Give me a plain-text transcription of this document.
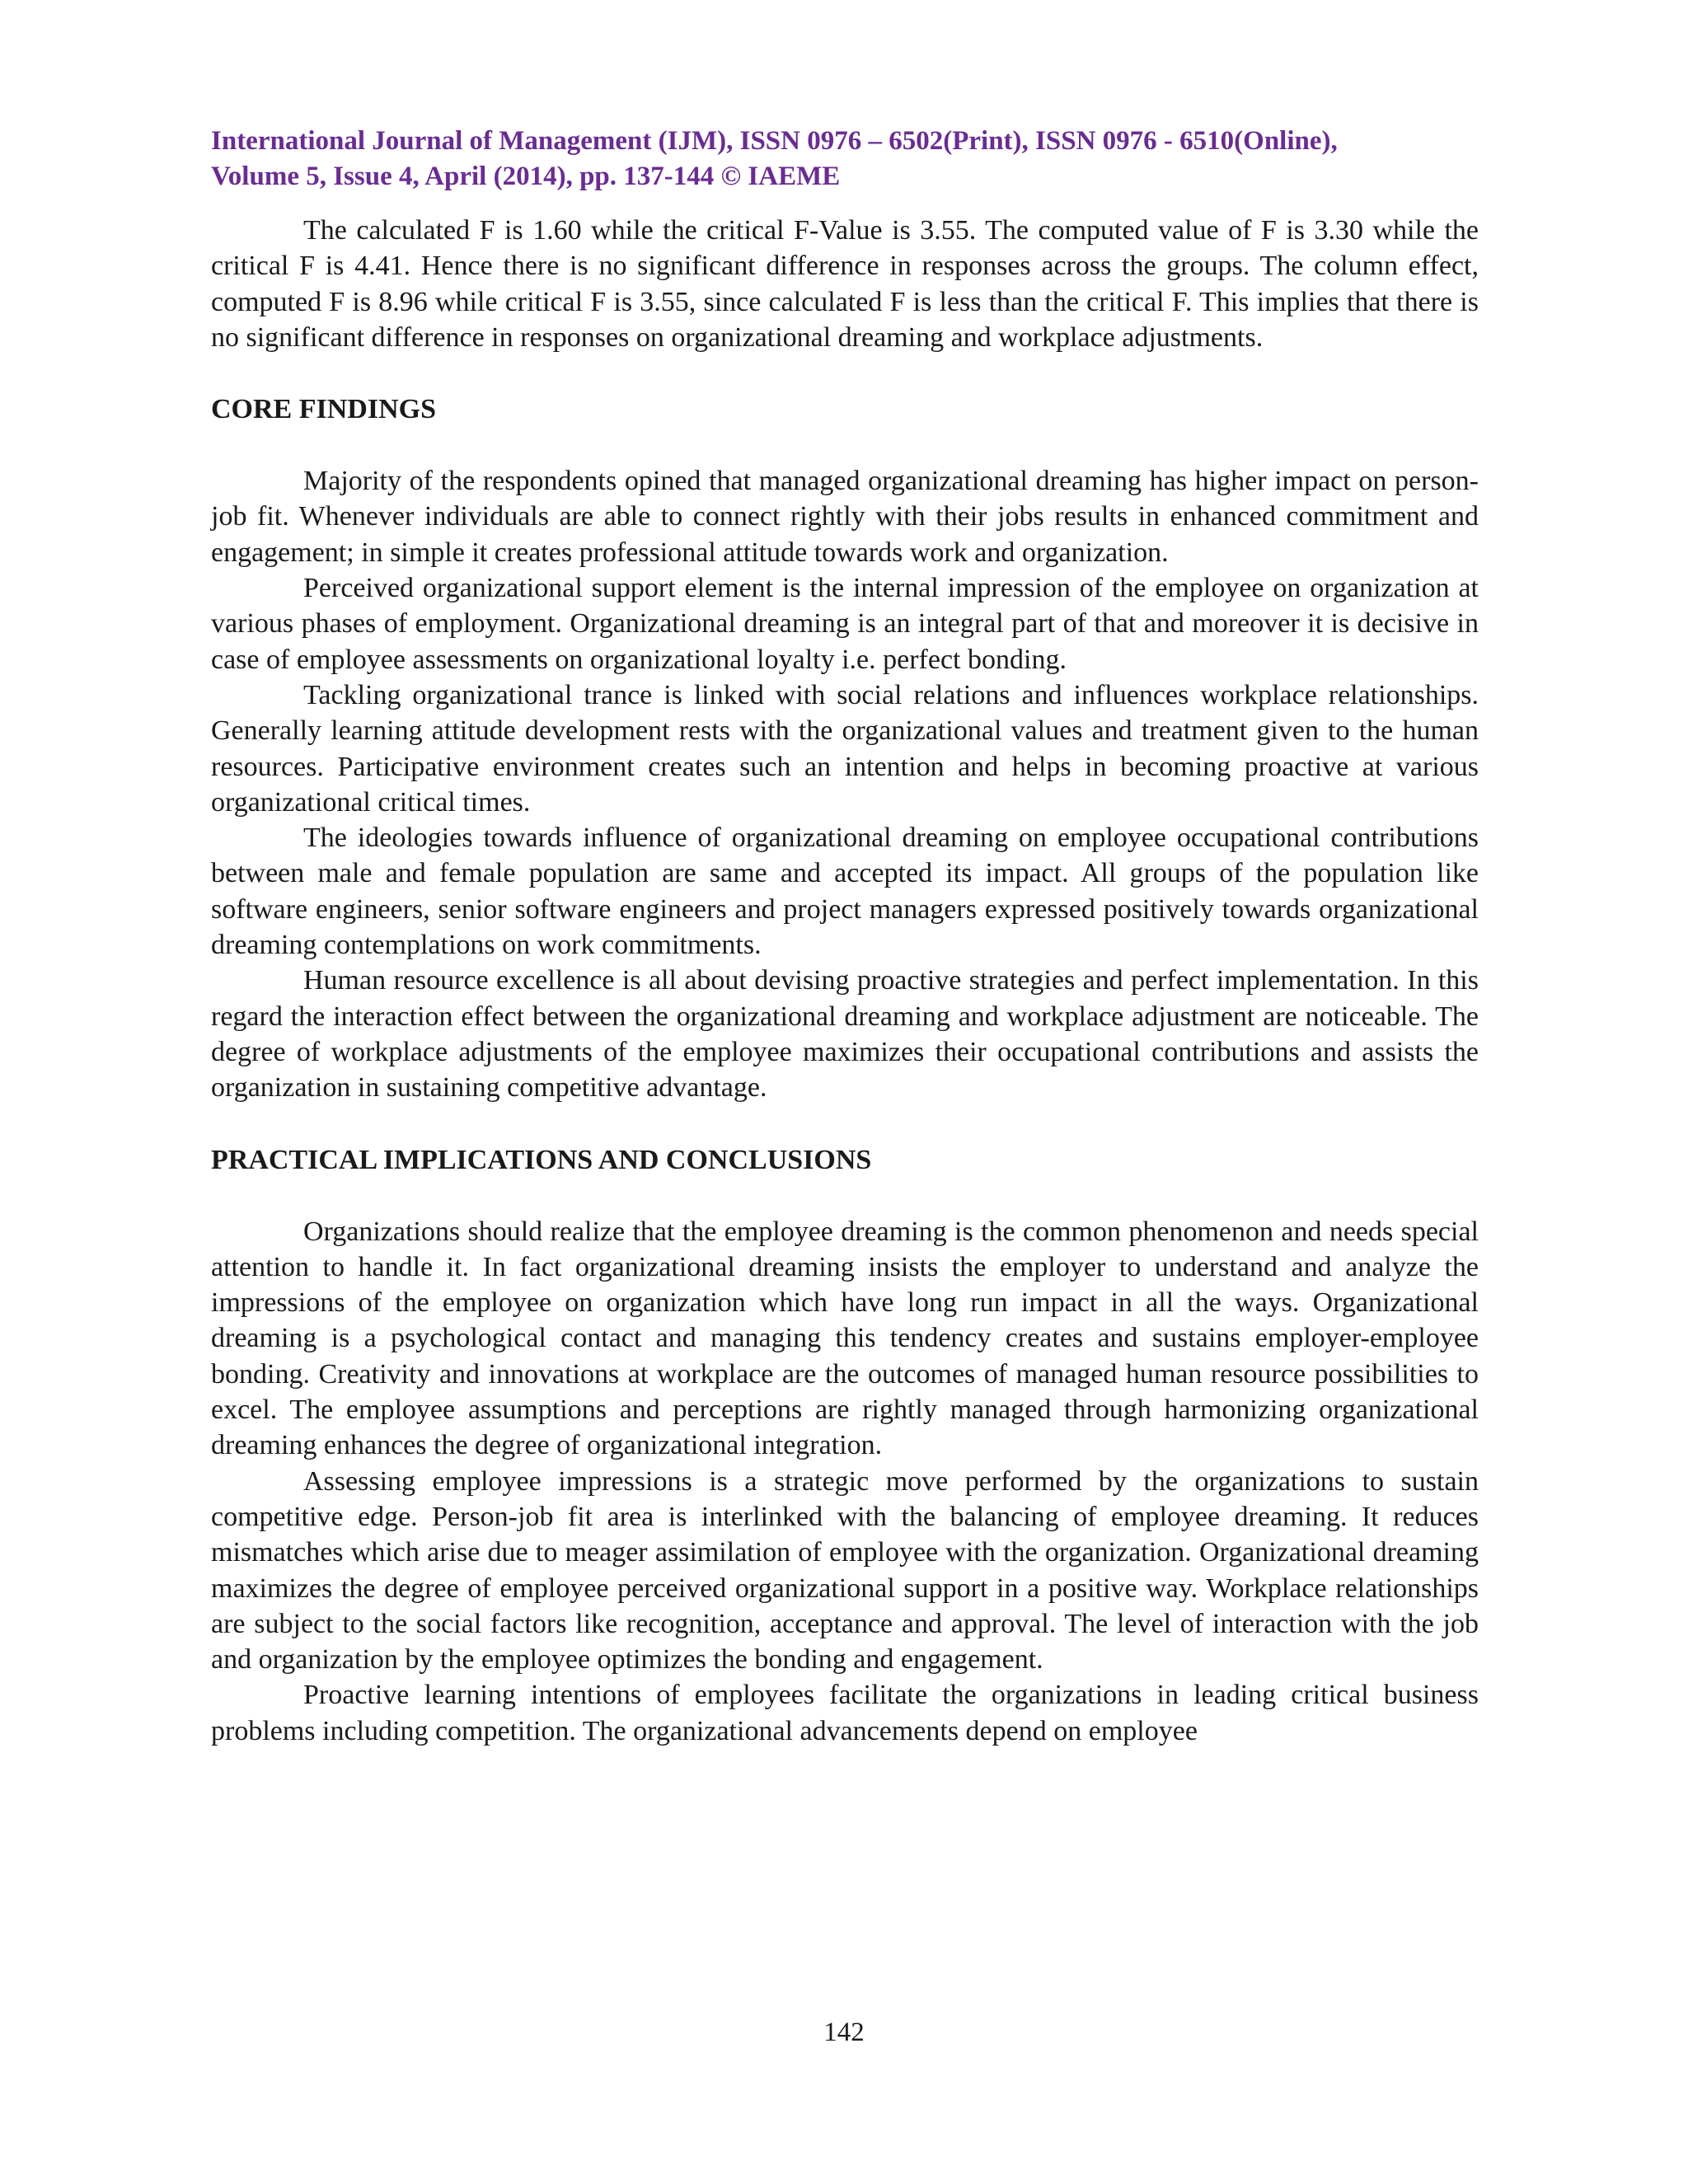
International Journal of Management (IJM), ISSN 0976 – 6502(Print), ISSN 0976 - 6510(Online),
Volume 5, Issue 4, April (2014), pp. 137-144 © IAEME

The calculated F is 1.60 while the critical F-Value is 3.55. The computed value of F is 3.30 while the critical F is 4.41. Hence there is no significant difference in responses across the groups. The column effect, computed F is 8.96 while critical F is 3.55, since calculated F is less than the critical F. This implies that there is no significant difference in responses on organizational dreaming and workplace adjustments.

CORE FINDINGS

Majority of the respondents opined that managed organizational dreaming has higher impact on person-job fit. Whenever individuals are able to connect rightly with their jobs results in enhanced commitment and engagement; in simple it creates professional attitude towards work and organization.

Perceived organizational support element is the internal impression of the employee on organization at various phases of employment. Organizational dreaming is an integral part of that and moreover it is decisive in case of employee assessments on organizational loyalty i.e. perfect bonding.

Tackling organizational trance is linked with social relations and influences workplace relationships. Generally learning attitude development rests with the organizational values and treatment given to the human resources. Participative environment creates such an intention and helps in becoming proactive at various organizational critical times.

The ideologies towards influence of organizational dreaming on employee occupational contributions between male and female population are same and accepted its impact. All groups of the population like software engineers, senior software engineers and project managers expressed positively towards organizational dreaming contemplations on work commitments.

Human resource excellence is all about devising proactive strategies and perfect implementation. In this regard the interaction effect between the organizational dreaming and workplace adjustment are noticeable. The degree of workplace adjustments of the employee maximizes their occupational contributions and assists the organization in sustaining competitive advantage.

PRACTICAL IMPLICATIONS AND CONCLUSIONS

Organizations should realize that the employee dreaming is the common phenomenon and needs special attention to handle it. In fact organizational dreaming insists the employer to understand and analyze the impressions of the employee on organization which have long run impact in all the ways. Organizational dreaming is a psychological contact and managing this tendency creates and sustains employer-employee bonding. Creativity and innovations at workplace are the outcomes of managed human resource possibilities to excel. The employee assumptions and perceptions are rightly managed through harmonizing organizational dreaming enhances the degree of organizational integration.

Assessing employee impressions is a strategic move performed by the organizations to sustain competitive edge. Person-job fit area is interlinked with the balancing of employee dreaming. It reduces mismatches which arise due to meager assimilation of employee with the organization. Organizational dreaming maximizes the degree of employee perceived organizational support in a positive way. Workplace relationships are subject to the social factors like recognition, acceptance and approval. The level of interaction with the job and organization by the employee optimizes the bonding and engagement.

Proactive learning intentions of employees facilitate the organizations in leading critical business problems including competition. The organizational advancements depend on employee

142
